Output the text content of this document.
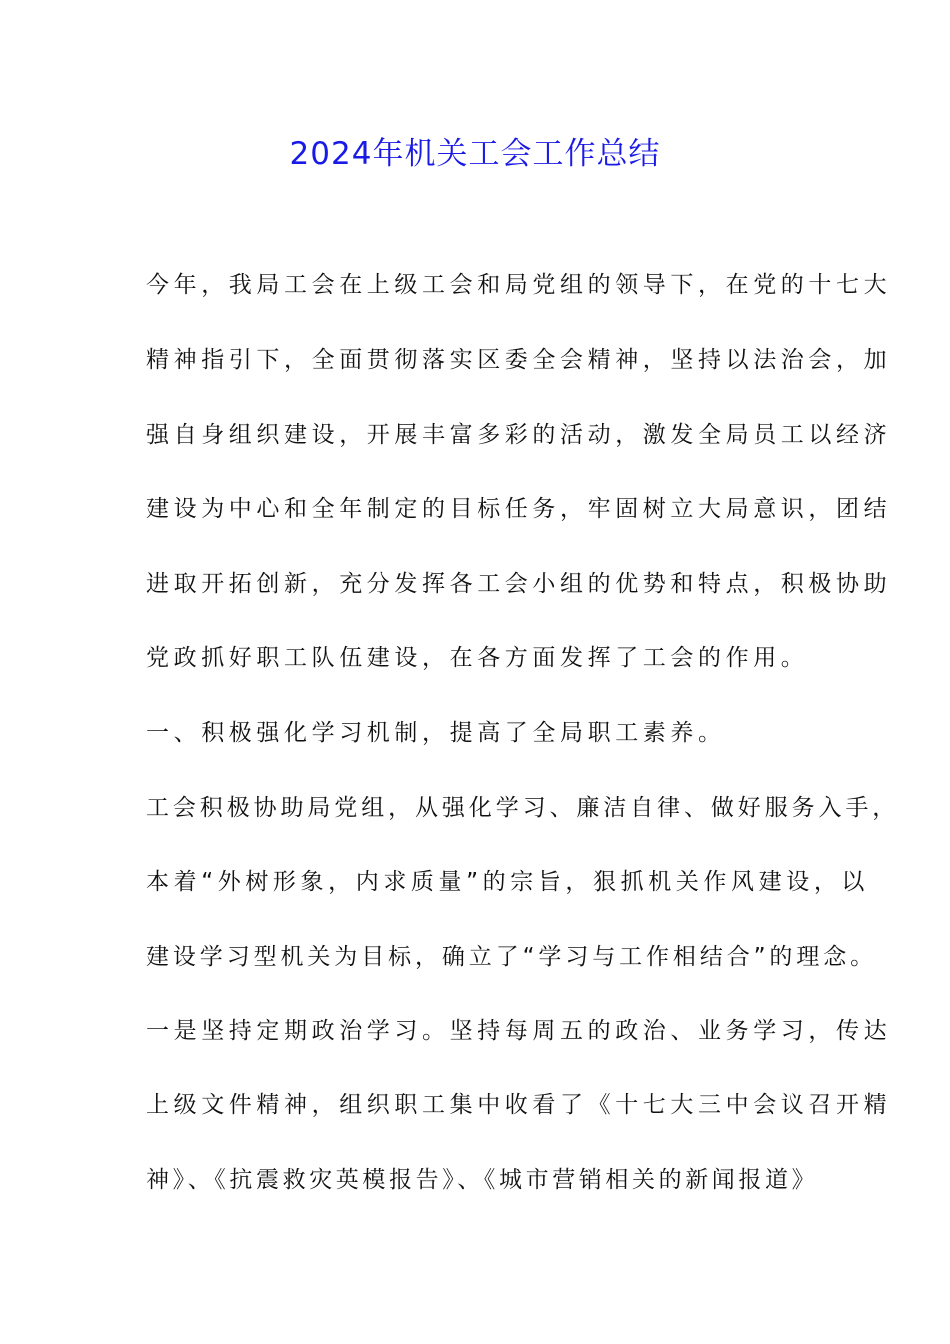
2024年机关工会工作总结
今年，我局工会在上级工会和局党组的领导下，在党的十七大
精神指引下，全面贯彻落实区委全会精神，坚持以法治会，加
强自身组织建设，开展丰富多彩的活动，激发全局员工以经济
建设为中心和全年制定的目标任务，牢固树立大局意识，团结
进取开拓创新，充分发挥各工会小组的优势和特点，积极协助
党政抓好职工队伍建设，在各方面发挥了工会的作用。
一、积极强化学习机制，提高了全局职工素养。
工会积极协助局党组，从强化学习、廉洁自律、做好服务入手，
本着“外树形象，内求质量”的宗旨，狠抓机关作风建设，以
建设学习型机关为目标，确立了“学习与工作相结合”的理念。
一是坚持定期政治学习。坚持每周五的政治、业务学习，传达
上级文件精神，组织职工集中收看了《十七大三中会议召开精
神》、《抗震救灾英模报告》、《城市营销相关的新闻报道》
